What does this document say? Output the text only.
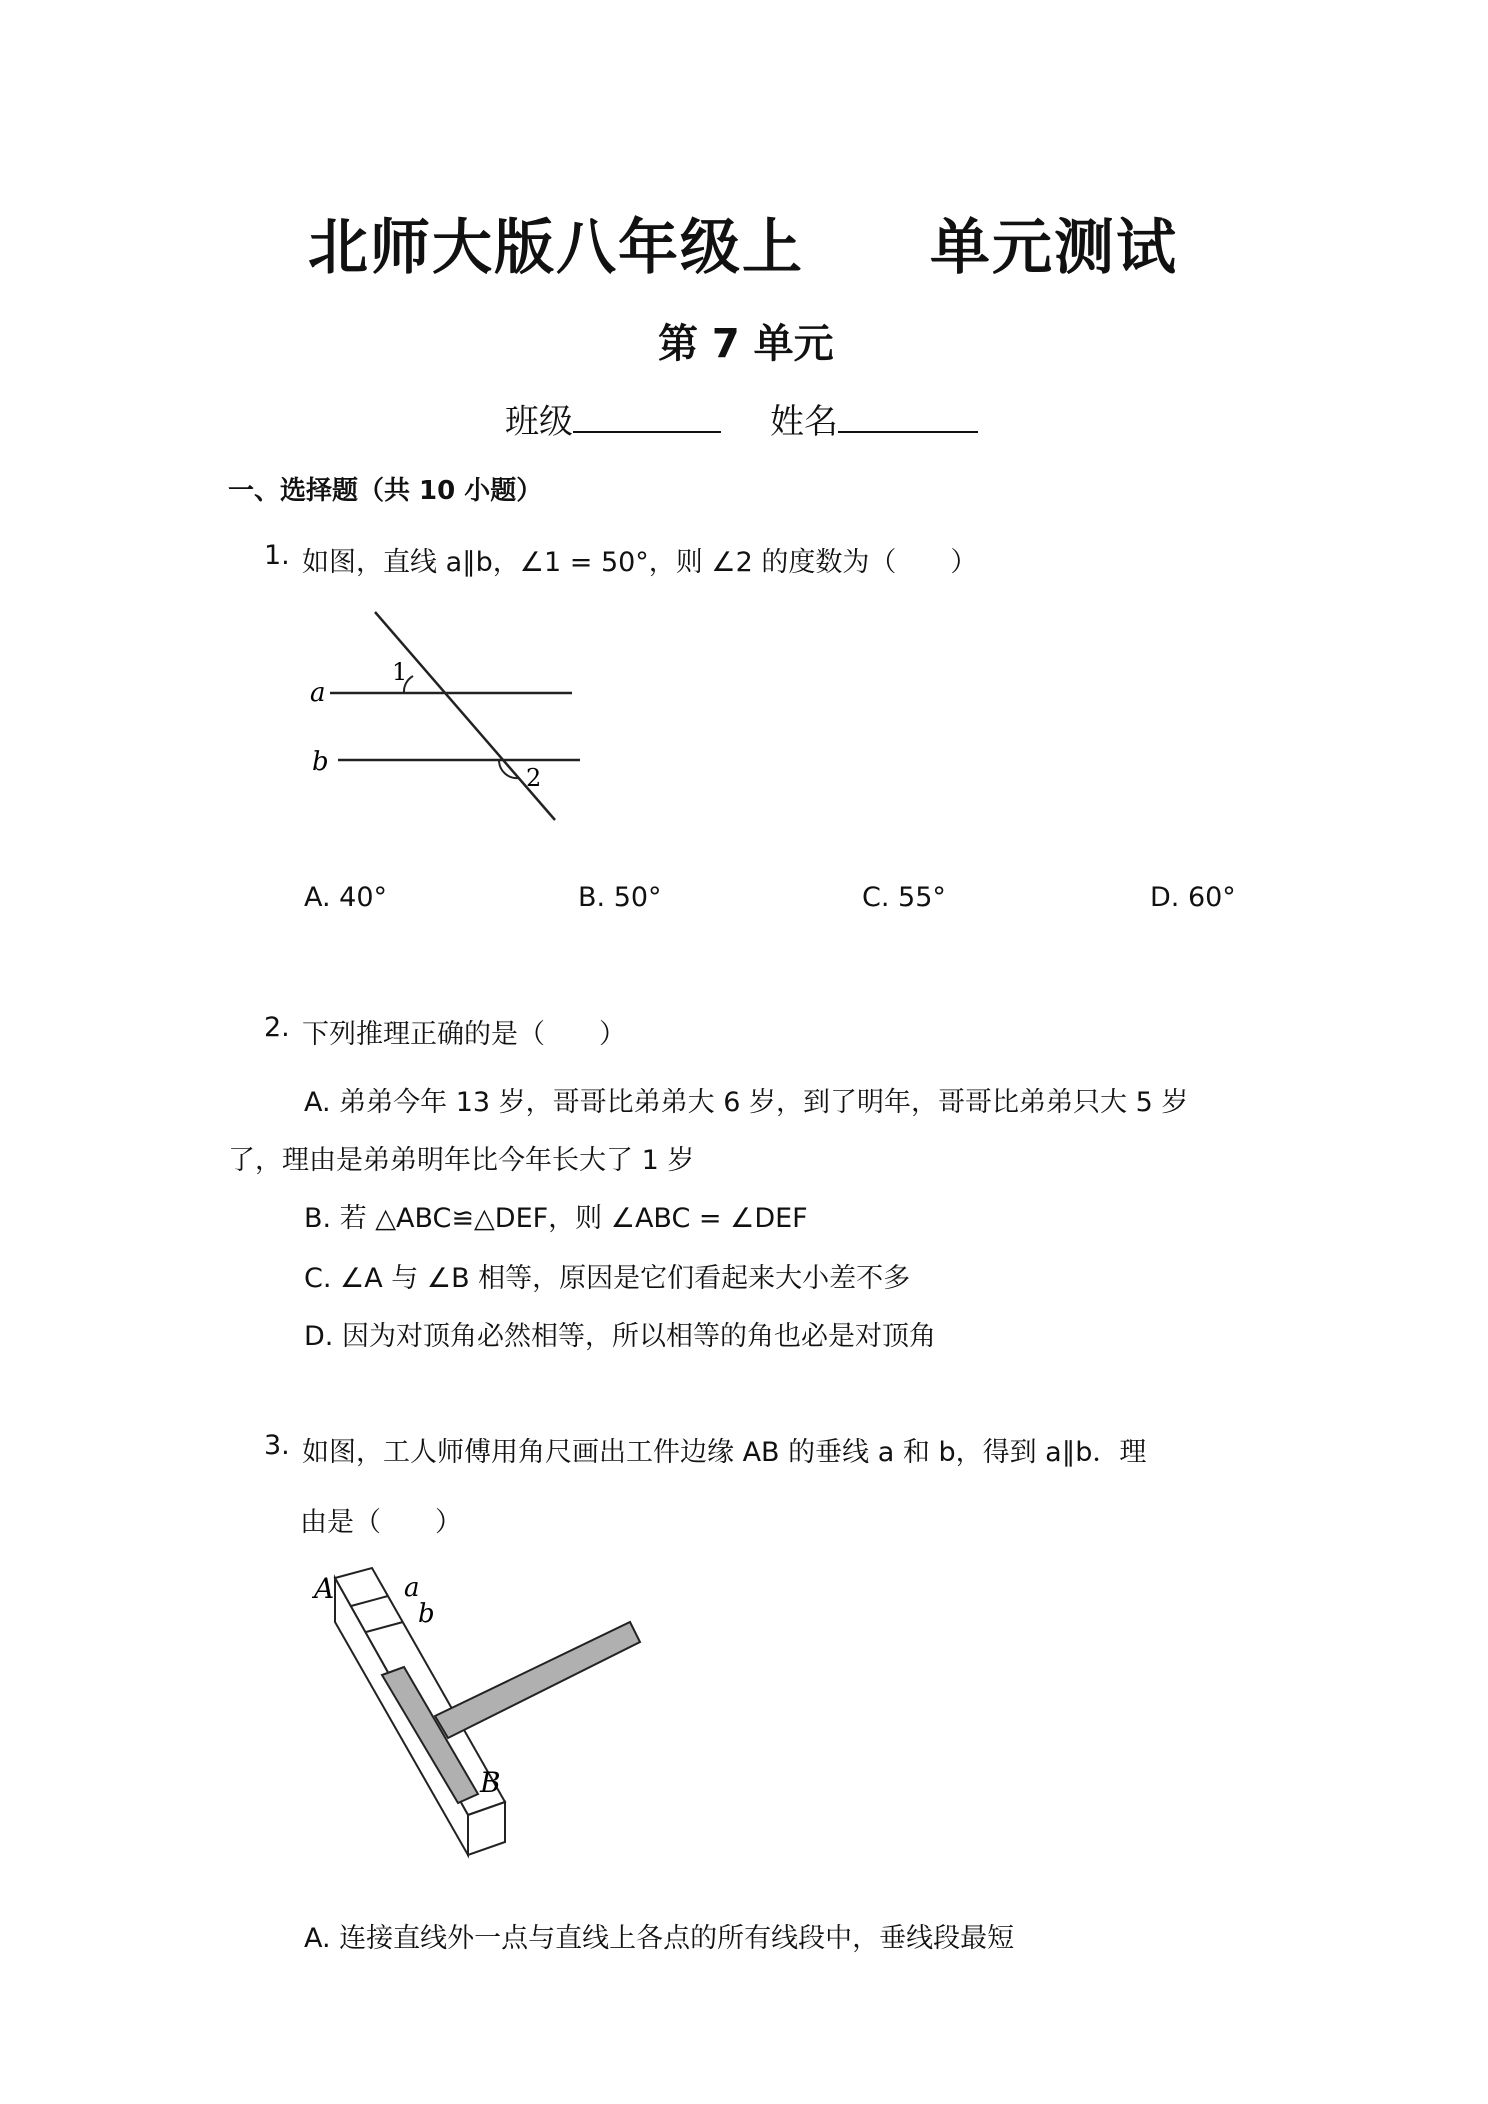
北师大版八年级上 单元测试
第 7 单元
班级	姓名
一、选择题（共 10 小题）
1. 如图，直线 a∥b，∠1 = 50°，则 ∠2 的度数为（　　）
a
b
1
2
A. 40°	B. 50°	C. 55°	D. 60°
2. 下列推理正确的是（　　）
A. 弟弟今年 13 岁，哥哥比弟弟大 6 岁，到了明年，哥哥比弟弟只大 5 岁
了，理由是弟弟明年比今年长大了 1 岁
B. 若 △ABC≌△DEF，则 ∠ABC = ∠DEF
C. ∠A 与 ∠B 相等，原因是它们看起来大小差不多
D. 因为对顶角必然相等，所以相等的角也必是对顶角
3. 如图，工人师傅用角尺画出工件边缘 AB 的垂线 a 和 b，得到 a∥b．理
由是（　　）
A	a
b
B
A. 连接直线外一点与直线上各点的所有线段中，垂线段最短
